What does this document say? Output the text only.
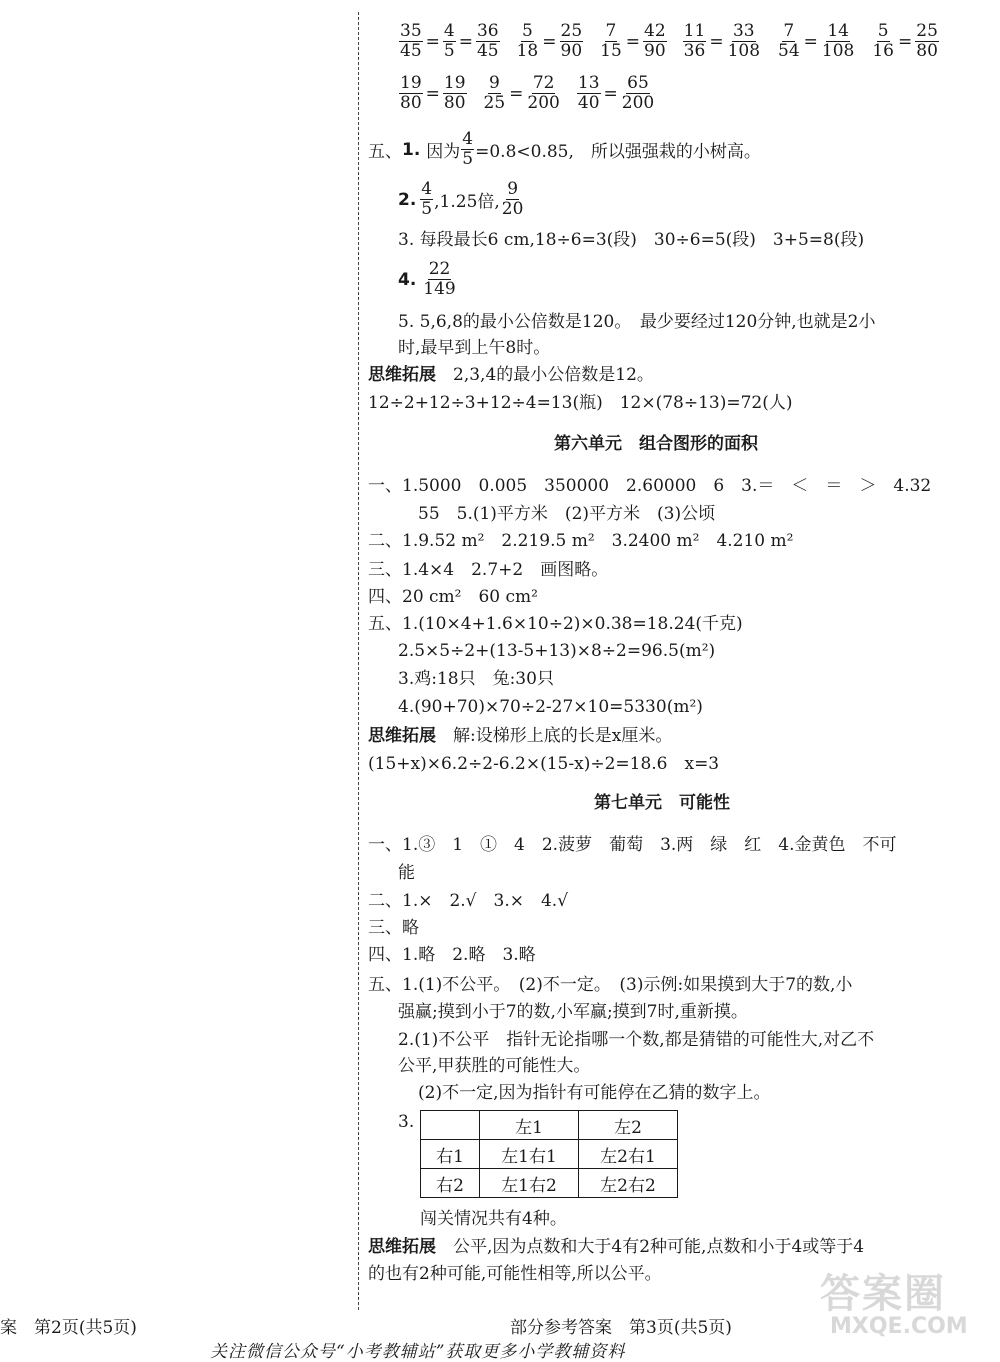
$\frac{35}{45} = \frac{4}{5} = \frac{36}{45} \frac{5}{18} = \frac{25}{90} \frac{7}{15} = \frac{42}{90} \frac{11}{36} = \frac{33}{108} \frac{7}{54} = \frac{14}{108} \frac{5}{16} = \frac{25}{80}$
$\frac{19}{80} = \frac{19}{80} \frac{9}{25} = \frac{72}{200} \frac{13}{40} = \frac{65}{200}$
五、 1. 因为 $\frac{4}{5} =0.8<0.85$,　所以强强栽的小树高。
2.
4
5 ,1.25倍,
9
20
3. 每段最长6 cm,18÷6=3(段)　30÷6=5(段)　3+5=8(段)
4.
22
149
5. 5,6,8的最小公倍数是120。　最少要经过120分钟,也就是2小
时,最早到上午8时。
思维拓展　 2,3,4的最小公倍数是12。
12÷2+12÷3+12÷4=13(瓶)　12×(78÷13)=72(人)
第六单元　组合图形的面积
一、1.5000　0.005　350000　2.60000　6　3.＝　＜　＝　＞　4.32
55　5.(1)平方米　(2)平方米　(3)公顷
二、1.9.52 m²　2.219.5 m²　3.2400 m²　4.210 m²
三、1.4×4　2.7+2　画图略。
四、20 cm²　60 cm²
五、1.(10×4+1.6×10÷2)×0.38=18.24(千克)
2.5×5÷2+(13-5+13)×8÷2=96.5(m²)
3.鸡:18只　兔:30只
4.(90+70)×70÷2-27×10=5330(m²)
思维拓展　 解:设梯形上底的长是x厘米。
(15+x)×6.2÷2-6.2×(15-x)÷2=18.6　x=3
第七单元　可能性
一、1.③　1　①　4　2.菠萝　葡萄　3.两　绿　红　4.金黄色　不可
能
二、1.×　2.√　3.×　4.√
三、略
四、1.略　2.略　3.略
五、1.(1)不公平。　(2)不一定。　(3)示例:如果摸到大于7的数,小
强赢;摸到小于7的数,小军赢;摸到7时,重新摸。
2.(1)不公平　指针无论指哪一个数,都是猜错的可能性大,对乙不
公平,甲获胜的可能性大。
(2)不一定,因为指针有可能停在乙猜的数字上。
3.
		左1	左2
右1	左1右1	左2右1
右2	左1右2	左2右2
闯关情况共有4种。
思维拓展　 公平,因为点数和大于4有2种可能,点数和小于4或等于4
的也有2种可能,可能性相等,所以公平。
案　第2页(共5页)	部分参考答案　第3页(共5页)
关注微信公众号“小考教辅站”获取更多小学教辅资料
答案圈
MXQE.COM
